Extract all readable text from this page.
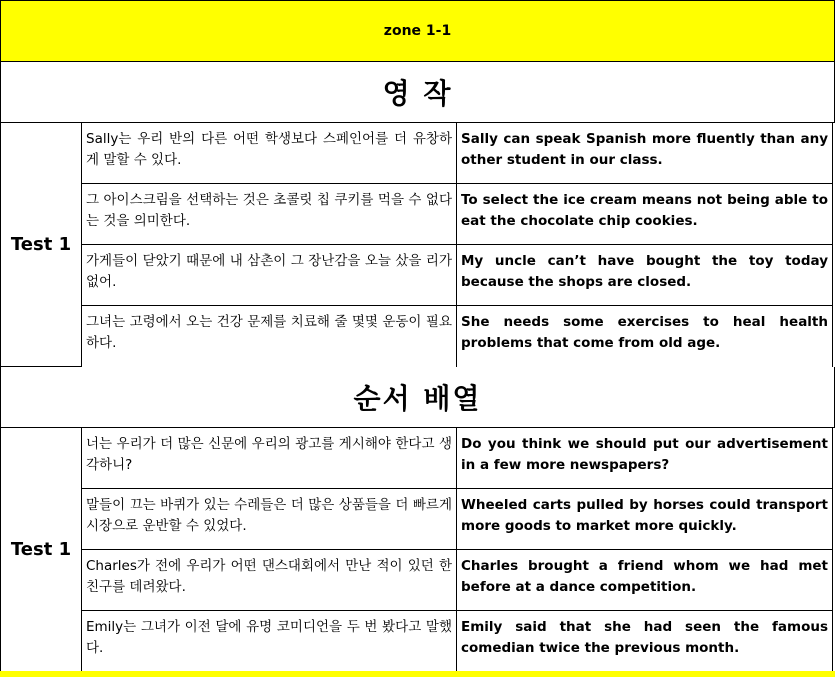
zone 1-1
영 작
Test 1
Sally는 우리 반의 다른 어떤 학생보다 스페인어를 더 유창하게 말할 수 있다.
Sally can speak Spanish more fluently than any other student in our class.
그 아이스크림을 선택하는 것은 초콜릿 칩 쿠키를 먹을 수 없다는 것을 의미한다.
To select the ice cream means not being able to eat the chocolate chip cookies.
가게들이 닫았기 때문에 내 삼촌이 그 장난감을 오늘 샀을 리가 없어.
My uncle can’t have bought the toy today because the shops are closed.
그녀는 고령에서 오는 건강 문제를 치료해 줄 몇몇 운동이 필요하다.
She needs some exercises to heal health problems that come from old age.
순서 배열
Test 1
너는 우리가 더 많은 신문에 우리의 광고를 게시해야 한다고 생각하니?
Do you think we should put our advertisement in a few more newspapers?
말들이 끄는 바퀴가 있는 수레들은 더 많은 상품들을 더 빠르게 시장으로 운반할 수 있었다.
Wheeled carts pulled by horses could transport more goods to market more quickly.
Charles가 전에 우리가 어떤 댄스대회에서 만난 적이 있던 한 친구를 데려왔다.
Charles brought a friend whom we had met before at a dance competition.
Emily는 그녀가 이전 달에 유명 코미디언을 두 번 봤다고 말했다.
Emily said that she had seen the famous comedian twice the previous month.
